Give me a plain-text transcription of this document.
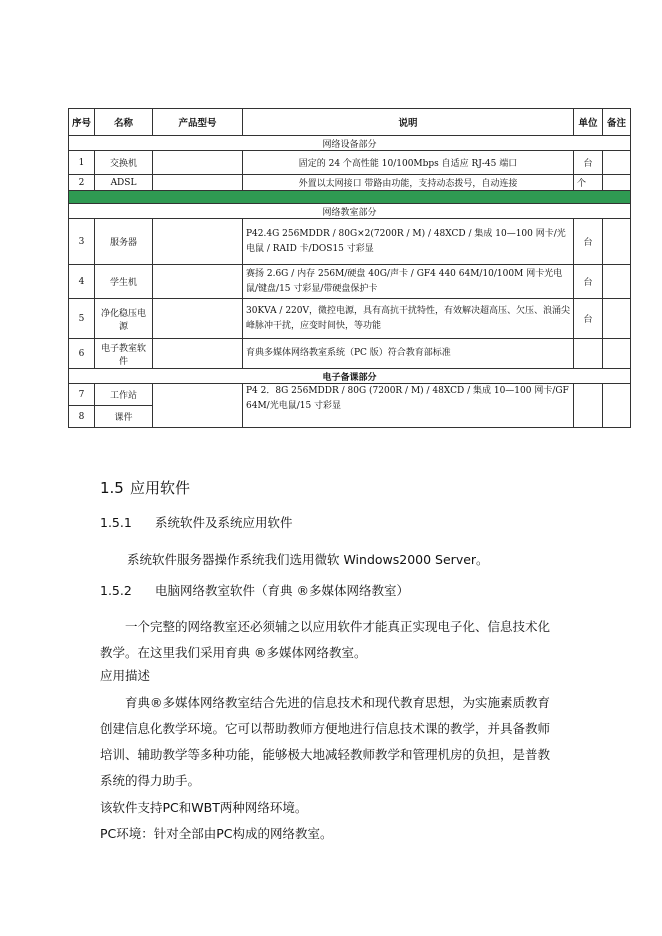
序号	名称	产品型号	说明	单位	备注
网络设备部分					
1	交换机		固定的 24 个高性能 10/100Mbps 自适应 RJ-45 端口	台	
2	ADSL		外置以太网接口 带路由功能，支持动态拨号，自动连接	个	

网络教室部分					
3	服务器		P42.4G 256MDDR / 80G×2(7200R / M) / 48XCD / 集成 10—100 网卡/光电鼠 / RAID 卡/DOS15 寸彩显	台	
4	学生机		赛扬 2.6G / 内存 256M/硬盘 40G/声卡 / GF4 440 64M/10/100M 网卡光电鼠/键盘/15 寸彩显/带硬盘保护卡	台	
5	净化稳压电源		30KVA / 220V，微控电源，具有高抗干扰特性，有效解决超高压、欠压、浪涌尖峰脉冲干扰，应变时间快，等功能	台	
6	电子教室软件		育典多媒体网络教室系统（PC 版）符合教育部标准		
电子备课部分					
7	工作站		P4 2．8G 256MDDR / 80G (7200R / M) / 48XCD / 集成 10—100 网卡/GF 64M/光电鼠/15 寸彩显		
8	课件				
1.5 应用软件
1.5.1 系统软件及系统应用软件
系统软件服务器操作系统我们选用微软 Windows2000 Server。
1.5.2 电脑网络教室软件（育典 ®多媒体网络教室）
一个完整的网络教室还必须辅之以应用软件才能真正实现电子化、信息技术化教学。在这里我们采用育典 ®多媒体网络教室。
应用描述
育典®多媒体网络教室结合先进的信息技术和现代教育思想，为实施素质教育创建信息化教学环境。它可以帮助教师方便地进行信息技术课的教学，并具备教师培训、辅助教学等多种功能，能够极大地减轻教师教学和管理机房的负担，是普教系统的得力助手。
该软件支持PC和WBT两种网络环境。
PC环境：针对全部由PC构成的网络教室。
